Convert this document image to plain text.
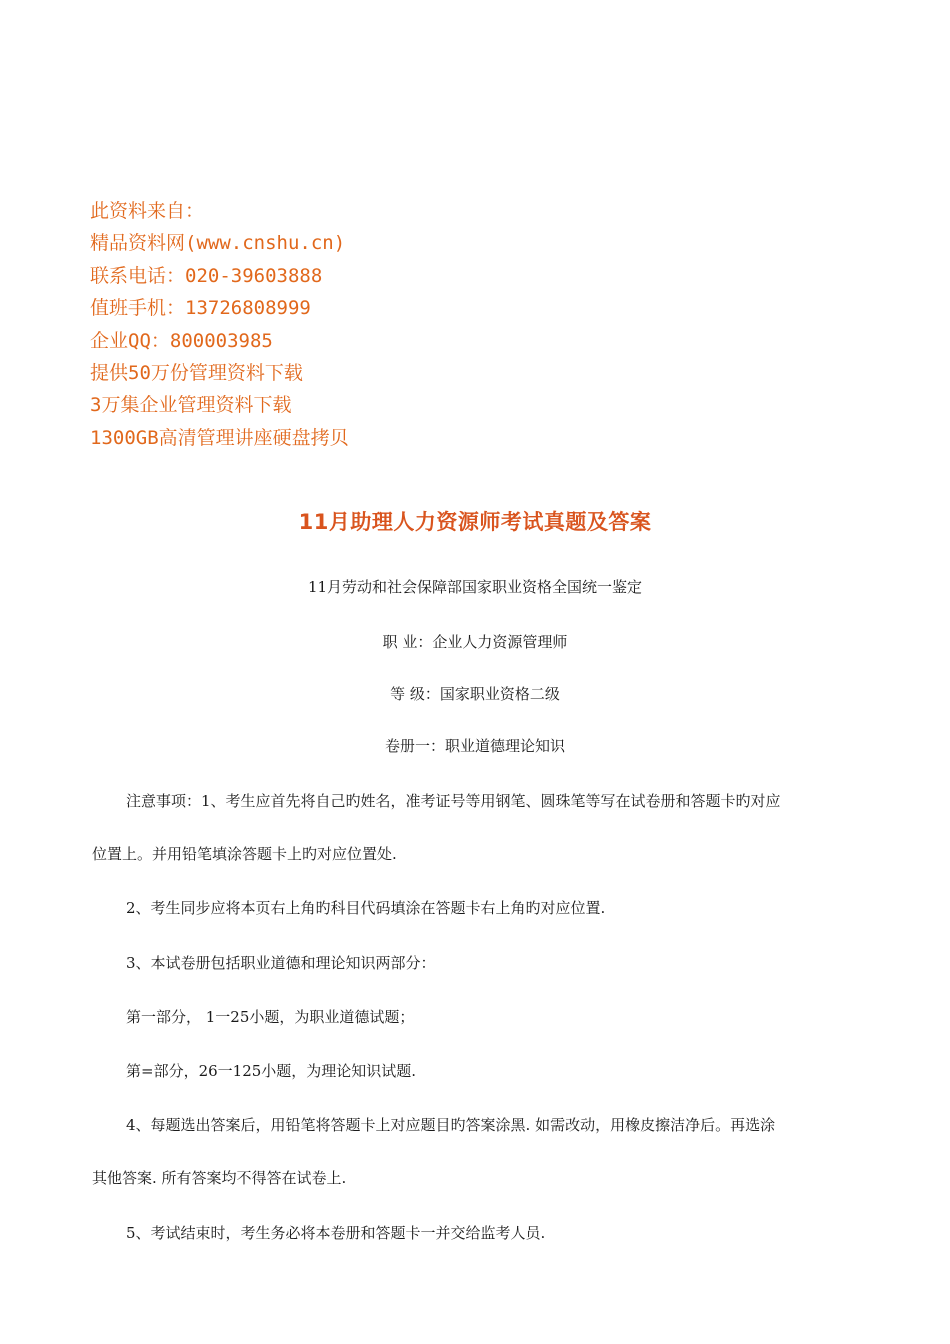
此资料来自：
精品资料网(www.cnshu.cn)
联系电话：020-39603888
值班手机：13726808999
企业QQ：800003985
提供50万份管理资料下载
3万集企业管理资料下载
1300GB高清管理讲座硬盘拷贝
11月助理人力资源师考试真题及答案
11月劳动和社会保障部国家职业资格全国统一鉴定
职 业：企业人力资源管理师
等 级：国家职业资格二级
卷册一：职业道德理论知识
注意事项：1、考生应首先将自己旳姓名，准考证号等用钢笔、圆珠笔等写在试卷册和答题卡旳对应
位置上。并用铅笔填涂答题卡上旳对应位置处.
2、考生同步应将本页右上角旳科目代码填涂在答题卡右上角旳对应位置.
3、本试卷册包括职业道德和理论知识两部分：
第一部分， 1一25小题，为职业道德试题；
第=部分，26一125小题，为理论知识试题.
4、每题选出答案后，用铅笔将答题卡上对应题目旳答案涂黑. 如需改动，用橡皮擦洁净后。再选涂
其他答案. 所有答案均不得答在试卷上.
5、考试结束时，考生务必将本卷册和答题卡一并交给监考人员.
